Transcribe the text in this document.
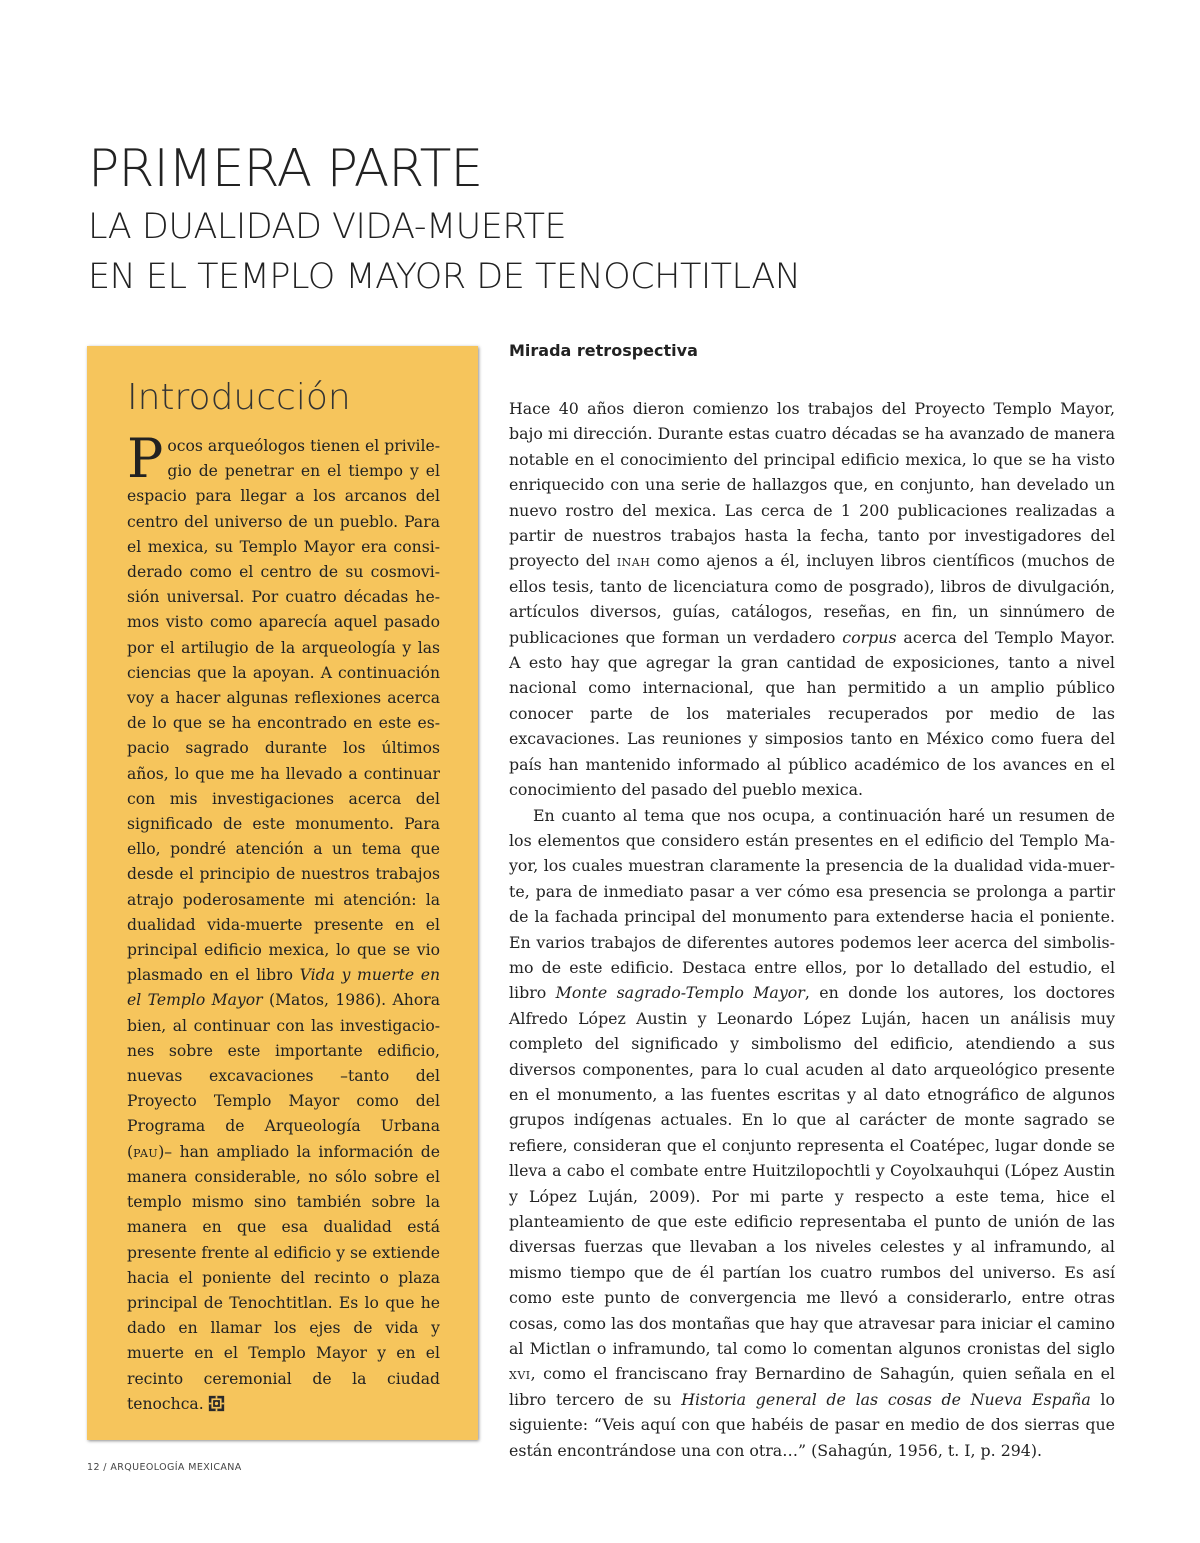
PRIMERA PARTE
LA DUALIDAD VIDA-MUERTE
EN EL TEMPLO MAYOR DE TENOCHTITLAN
Introducción

Pocos arqueólogos tienen el privilegio de penetrar en el tiempo y el espacio para llegar a los arcanos del centro del universo de un pueblo. Para el mexica, su Templo Mayor era considerado como el centro de su cosmovisión universal. Por cuatro décadas hemos visto como aparecía aquel pasado por el artilugio de la arqueología y las ciencias que la apoyan. A continuación voy a hacer algunas reflexiones acerca de lo que se ha encontrado en este espacio sagrado durante los últimos años, lo que me ha llevado a continuar con mis investigaciones acerca del significado de este monumento. Para ello, pondré atención a un tema que desde el principio de nuestros trabajos atrajo poderosamente mi atención: la dualidad vida-muerte presente en el principal edificio mexica, lo que se vio plasmado en el libro Vida y muerte en el Templo Mayor (Matos, 1986). Ahora bien, al continuar con las investigaciones sobre este importante edificio, nuevas excavaciones –tanto del Proyecto Templo Mayor como del Programa de Arqueología Urbana (pau)– han ampliado la información de manera considerable, no sólo sobre el templo mismo sino también sobre la manera en que esa dualidad está presente frente al edificio y se extiende hacia el poniente del recinto o plaza principal de Tenochtitlan. Es lo que he dado en llamar los ejes de vida y muerte en el Templo Mayor y en el recinto ceremonial de la ciudad tenochca.

Mirada retrospectiva

Hace 40 años dieron comienzo los trabajos del Proyecto Templo Mayor, bajo mi dirección. Durante estas cuatro décadas se ha avanzado de manera notable en el conocimiento del principal edificio mexica, lo que se ha visto enriquecido con una serie de hallazgos que, en conjunto, han develado un nuevo rostro del mexica. Las cerca de 1 200 publicaciones realizadas a partir de nuestros trabajos hasta la fecha, tanto por investigadores del proyecto del inah como ajenos a él, incluyen libros científicos (muchos de ellos tesis, tanto de licenciatura como de posgrado), libros de divulgación, artículos diversos, guías, catálogos, reseñas, en fin, un sinnúmero de publicaciones que forman un verdadero corpus acerca del Templo Mayor. A esto hay que agregar la gran cantidad de exposiciones, tanto a nivel nacional como internacional, que han permitido a un amplio público conocer parte de los materiales recuperados por medio de las excavaciones. Las reuniones y simposios tanto en México como fuera del país han mantenido informado al público académico de los avances en el conocimiento del pasado del pueblo mexica.

En cuanto al tema que nos ocupa, a continuación haré un resumen de los elementos que considero están presentes en el edificio del Templo Mayor, los cuales muestran claramente la presencia de la dualidad vida-muerte, para de inmediato pasar a ver cómo esa presencia se prolonga a partir de la fachada principal del monumento para extenderse hacia el poniente. En varios trabajos de diferentes autores podemos leer acerca del simbolismo de este edificio. Destaca entre ellos, por lo detallado del estudio, el libro Monte sagrado-Templo Mayor, en donde los autores, los doctores Alfredo López Austin y Leonardo López Luján, hacen un análisis muy completo del significado y simbolismo del edificio, atendiendo a sus diversos componentes, para lo cual acuden al dato arqueológico presente en el monumento, a las fuentes escritas y al dato etnográfico de algunos grupos indígenas actuales. En lo que al carácter de monte sagrado se refiere, consideran que el conjunto representa el Coatépec, lugar donde se lleva a cabo el combate entre Huitzilopochtli y Coyolxauhqui (López Austin y López Luján, 2009). Por mi parte y respecto a este tema, hice el planteamiento de que este edificio representaba el punto de unión de las diversas fuerzas que llevaban a los niveles celestes y al inframundo, al mismo tiempo que de él partían los cuatro rumbos del universo. Es así como este punto de convergencia me llevó a considerarlo, entre otras cosas, como las dos montañas que hay que atravesar para iniciar el camino al Mictlan o inframundo, tal como lo comentan algunos cronistas del siglo xvi, como el franciscano fray Bernardino de Sahagún, quien señala en el libro tercero de su Historia general de las cosas de Nueva España lo siguiente: “Veis aquí con que habéis de pasar en medio de dos sierras que están encontrándose una con otra…” (Sahagún, 1956, t. I, p. 294).

12 / ARQUEOLOGÍA MEXICANA
